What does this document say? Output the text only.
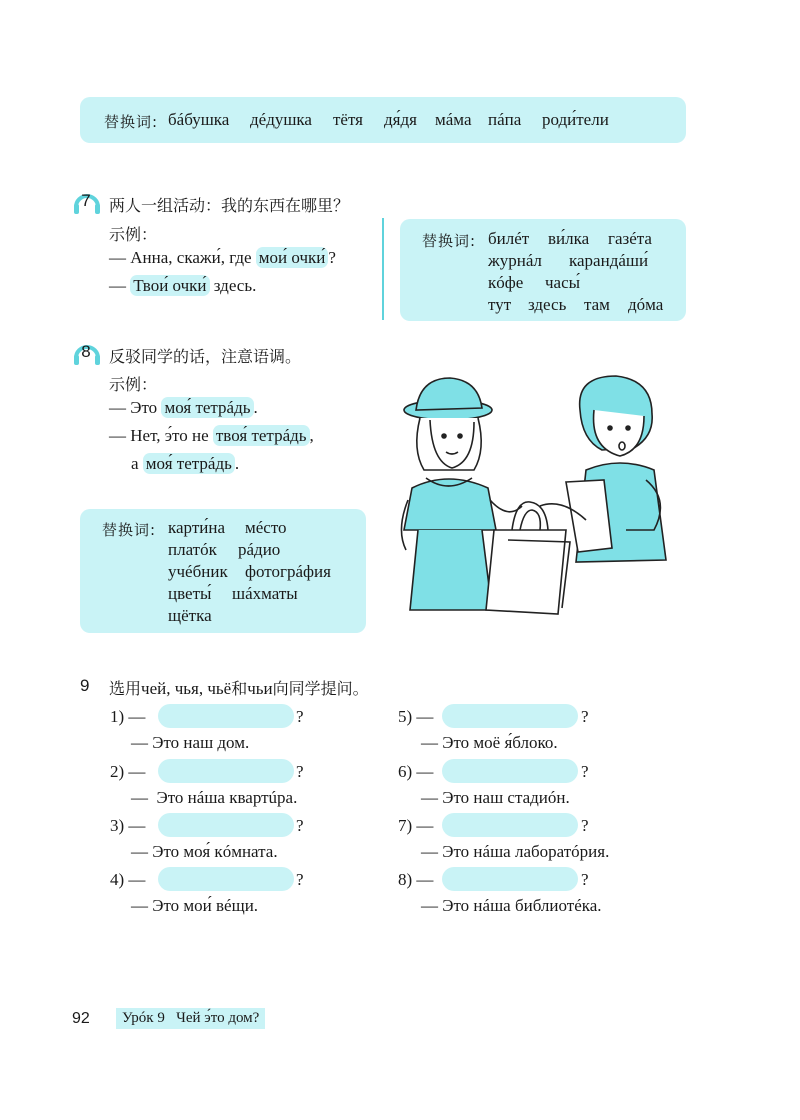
替换词: бáбушка дéдушка тётя дя́дя мáма пáпа роди́тели
7	两人一组活动：我的东西在哪里？
示例：
— Анна, скажи́, где мои́ очки́ ?
— Твои́ очки́ здесь.
替换词: билéт ви́лка газéта
журнáл карандáши́
кóфе часы́
тут здесь там дóма
8	反驳同学的话，注意语调。
示例：
— Это моя́ тетрáдь .
— Нет, э́то не твоя́ тетрáдь ,
а моя́ тетрáдь .
替换词: карти́на мéсто
платóк рáдио
учéбник фотогрáфия
цветы́ шáхматы
щётка
9 选用чей, чья, чьё和чьи向同学提问。
1) —	?
— Это наш дом.
2) —	?
—  Это нáша квартúра.
3) —	?
— Это моя́ кóмната.
4) —	?
— Это мои́ вéщи.
5) —	?
— Это моё я́блоко.
6) —	?
— Это наш стадиóн.
7) —	?
— Это нáша лаборатóрия.
8) —	?
— Это нáша библиотéка.
92	Урóк 9   Чей э́то дом?
